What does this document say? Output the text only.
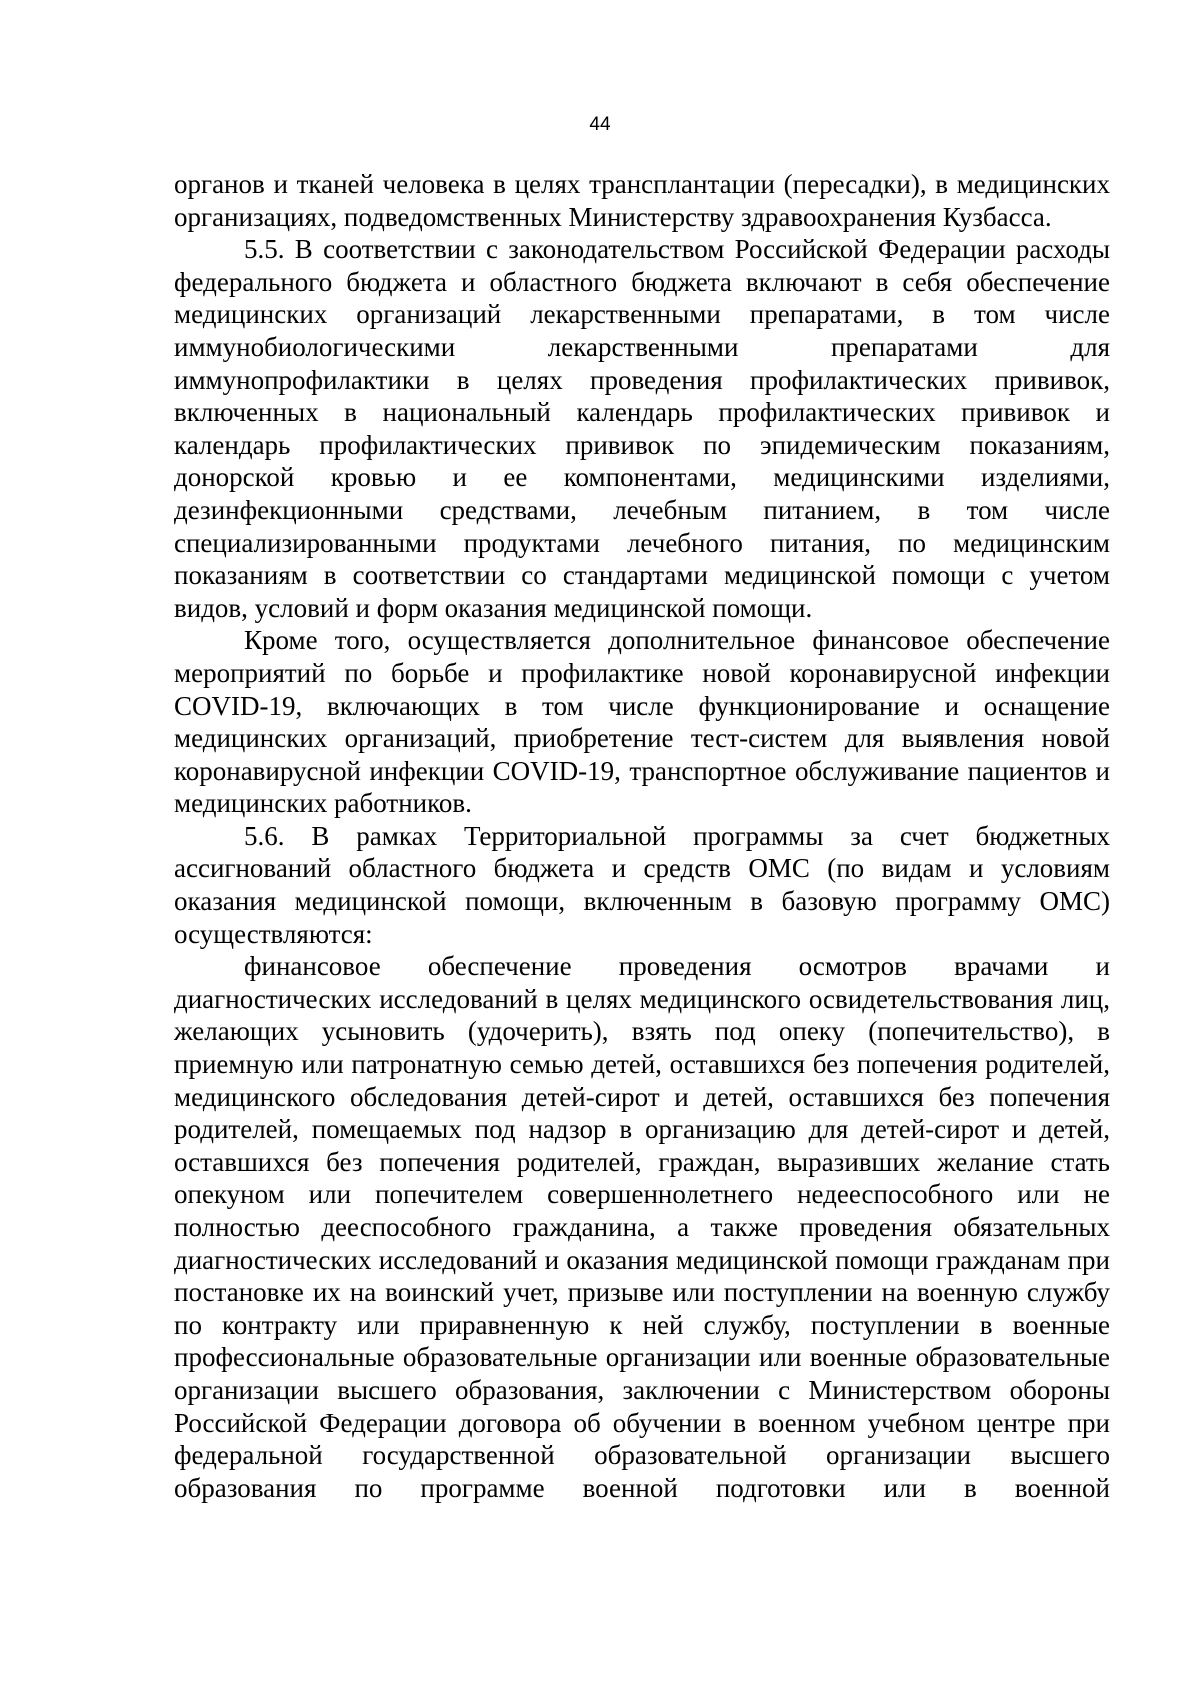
44

органов и тканей человека в целях трансплантации (пересадки), в медицинских организациях, подведомственных Министерству здравоохранения Кузбасса.

5.5. В соответствии с законодательством Российской Федерации расходы федерального бюджета и областного бюджета включают в себя обеспечение медицинских организаций лекарственными препаратами, в том числе иммунобиологическими лекарственными препаратами для иммунопрофилактики в целях проведения профилактических прививок, включенных в национальный календарь профилактических прививок и календарь профилактических прививок по эпидемическим показаниям, донорской кровью и ее компонентами, медицинскими изделиями, дезинфекционными средствами, лечебным питанием, в том числе специализированными продуктами лечебного питания, по медицинским показаниям в соответствии со стандартами медицинской помощи с учетом видов, условий и форм оказания медицинской помощи.

Кроме того, осуществляется дополнительное финансовое обеспечение мероприятий по борьбе и профилактике новой коронавирусной инфекции COVID-19, включающих в том числе функционирование и оснащение медицинских организаций, приобретение тест-систем для выявления новой коронавирусной инфекции COVID-19, транспортное обслуживание пациентов и медицинских работников.

5.6. В рамках Территориальной программы за счет бюджетных ассигнований областного бюджета и средств ОМС (по видам и условиям оказания медицинской помощи, включенным в базовую программу ОМС) осуществляются:

финансовое обеспечение проведения осмотров врачами и диагностических исследований в целях медицинского освидетельствования лиц, желающих усыновить (удочерить), взять под опеку (попечительство), в приемную или патронатную семью детей, оставшихся без попечения родителей, медицинского обследования детей-сирот и детей, оставшихся без попечения родителей, помещаемых под надзор в организацию для детей-сирот и детей, оставшихся без попечения родителей, граждан, выразивших желание стать опекуном или попечителем совершеннолетнего недееспособного или не полностью дееспособного гражданина, а также проведения обязательных диагностических исследований и оказания медицинской помощи гражданам при постановке их на воинский учет, призыве или поступлении на военную службу по контракту или приравненную к ней службу, поступлении в военные профессиональные образовательные организации или военные образовательные организации высшего образования, заключении с Министерством обороны Российской Федерации договора об обучении в военном учебном центре при федеральной государственной образовательной организации высшего образования по программе военной подготовки или в военной
